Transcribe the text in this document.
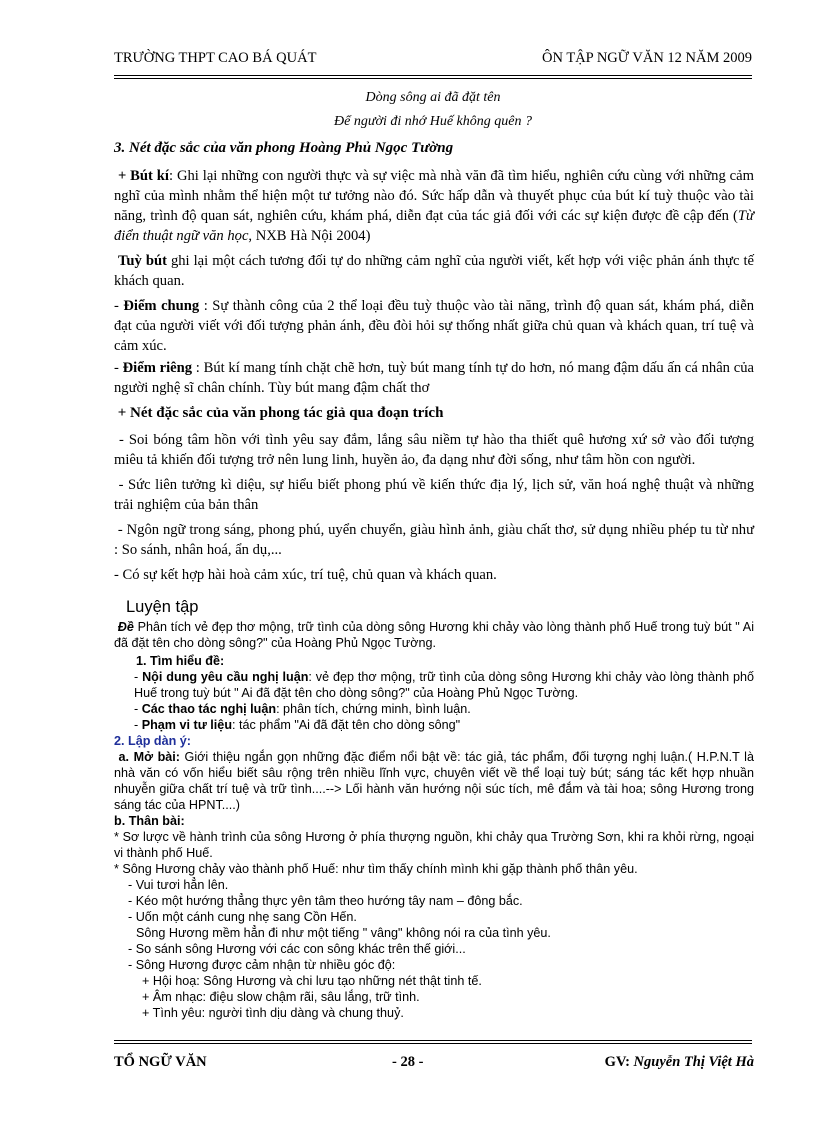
TRƯỜNG THPT CAO BÁ QUÁT	ÔN TẬP NGỮ VĂN 12 NĂM 2009
Dòng sông ai đã đặt tên
Để người đi nhớ Huế không quên ?

3. Nét đặc sắc của văn phong Hoàng Phủ Ngọc Tường

+ Bút kí: Ghi lại những con người thực và sự việc mà nhà văn đã tìm hiểu, nghiên cứu cùng với những cảm nghĩ của mình nhằm thể hiện một tư tưởng nào đó. Sức hấp dẫn và thuyết phục của bút kí tuỳ thuộc vào tài năng, trình độ quan sát, nghiên cứu, khám phá, diễn đạt của tác giả đối với các sự kiện được đề cập đến (Từ điển thuật ngữ văn học, NXB Hà Nội 2004)

Tuỳ bút ghi lại một cách tương đối tự do những cảm nghĩ của người viết, kết hợp với việc phản ánh thực tế khách quan.

- Điểm chung : Sự thành công của 2 thể loại đều tuỳ thuộc vào tài năng, trình độ quan sát, khám phá, diễn đạt của người viết với đối tượng phản ánh, đều đòi hỏi sự thống nhất giữa chủ quan và khách quan, trí tuệ và cảm xúc.

- Điểm riêng : Bút kí mang tính chặt chẽ hơn, tuỳ bút mang tính tự do hơn, nó mang đậm dấu ấn cá nhân của người nghệ sĩ chân chính. Tùy bút mang đậm chất thơ

+ Nét đặc sắc của văn phong tác giả qua đoạn trích

- Soi bóng tâm hồn với tình yêu say đắm, lắng sâu niềm tự hào tha thiết quê hương xứ sở vào đối tượng miêu tả khiến đối tượng trở nên lung linh, huyền ảo, đa dạng như đời sống, như tâm hồn con người.

- Sức liên tưởng kì diệu, sự hiểu biết phong phú về kiến thức địa lý, lịch sử, văn hoá nghệ thuật và những trải nghiệm của bản thân

- Ngôn ngữ trong sáng, phong phú, uyển chuyển, giàu hình ảnh, giàu chất thơ, sử dụng nhiều phép tu từ như : So sánh, nhân hoá, ẩn dụ,...

- Có sự kết hợp hài hoà cảm xúc, trí tuệ, chủ quan và khách quan.

Luyện tập

Đề Phân tích vẻ đẹp thơ mộng, trữ tình của dòng sông Hương khi chảy vào lòng thành phố Huế trong tuỳ bút " Ai đã đặt tên cho dòng sông?" của Hoàng Phủ Ngọc Tường.

1. Tìm hiểu đề:

- Nội dung yêu cầu nghị luận: vẻ đẹp thơ mộng, trữ tình của dòng sông Hương khi chảy vào lòng thành phố Huế trong tuỳ bút " Ai đã đặt tên cho dòng sông?" của Hoàng Phủ Ngọc Tường.

- Các thao tác nghị luận: phân tích, chứng minh, bình luận.

- Phạm vi tư liệu: tác phẩm "Ai đã đặt tên cho dòng sông"

2. Lập dàn ý:

a. Mở bài: Giới thiệu ngắn gọn những đặc điểm nổi bật về: tác giả, tác phẩm, đối tượng nghị luận.( H.P.N.T là nhà văn có vốn hiểu biết sâu rộng trên nhiều lĩnh vực, chuyên viết về thể loại tuỳ bút; sáng tác kết hợp nhuần nhuyễn giữa chất trí tuệ và trữ tình....--> Lối hành văn hướng nội súc tích, mê đắm và tài hoa; sông Hương trong sáng tác của HPNT....)

b. Thân bài:

* Sơ lược về hành trình của sông Hương ở phía thượng nguồn, khi chảy qua Trường Sơn, khi ra khỏi rừng, ngoại vi thành phố Huế.

* Sông Hương chảy vào thành phố Huế: như tìm thấy chính mình khi gặp thành phố thân yêu.

- Vui tươi hẳn lên.

- Kéo một hướng thẳng thực yên tâm theo hướng tây nam – đông bắc.

- Uốn một cánh cung nhẹ sang Cồn Hến.

Sông Hương mềm hẳn đi như một tiếng " vâng" không nói ra của tình yêu.

- So sánh sông Hương với các con sông khác trên thế giới...

- Sông Hương được cảm nhận từ nhiều góc độ:

+ Hội hoạ: Sông Hương và chi lưu tạo những nét thật tinh tế.

+ Âm nhạc: điệu slow chậm rãi, sâu lắng, trữ tình.

+ Tình yêu: người tình dịu dàng và chung thuỷ.

TỔ NGỮ VĂN	- 28 -	GV: Nguyễn Thị Việt Hà
